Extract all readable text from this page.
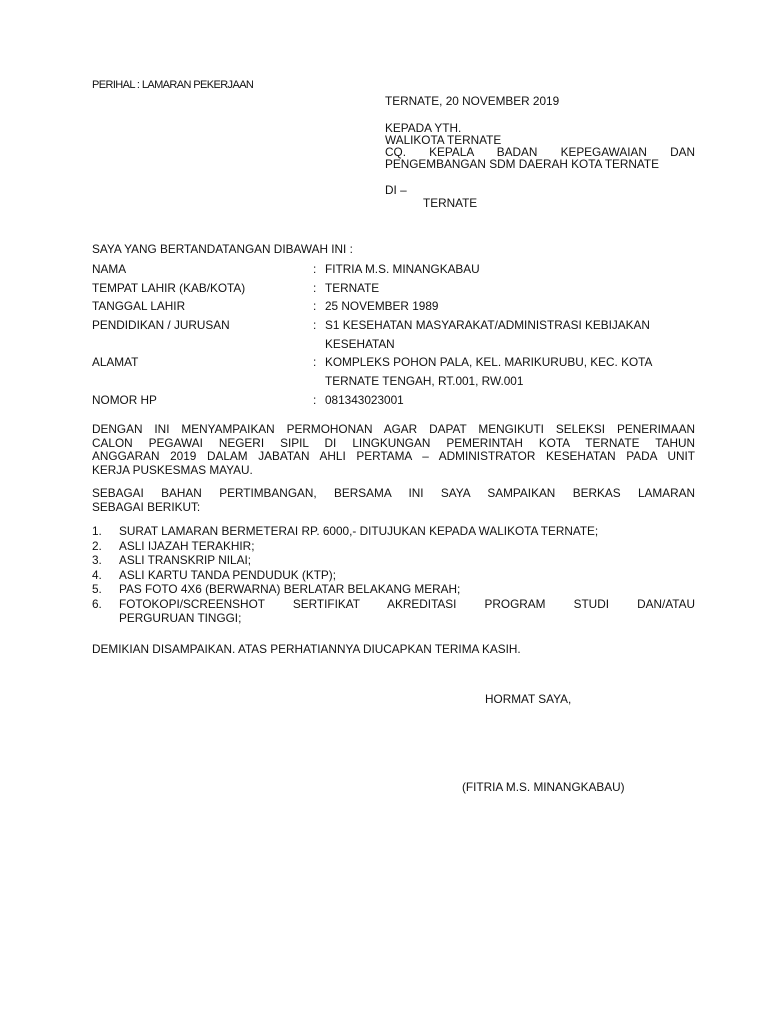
PERIHAL : LAMARAN PEKERJAAN
TERNATE, 20 NOVEMBER 2019
KEPADA YTH.
WALIKOTA TERNATE
CQ. KEPALA BADAN KEPEGAWAIAN DAN
PENGEMBANGAN SDM DAERAH KOTA TERNATE
DI –
TERNATE
SAYA YANG BERTANDATANGAN DIBAWAH INI :
NAMA	: FITRIA M.S. MINANGKABAU
TEMPAT LAHIR (KAB/KOTA)	: TERNATE
TANGGAL LAHIR	: 25 NOVEMBER 1989
PENDIDIKAN / JURUSAN	: S1 KESEHATAN MASYARAKAT/ADMINISTRASI KEBIJAKAN
KESEHATAN
ALAMAT	: KOMPLEKS POHON PALA, KEL. MARIKURUBU, KEC. KOTA
TERNATE TENGAH, RT.001, RW.001
NOMOR HP	: 081343023001
DENGAN INI MENYAMPAIKAN PERMOHONAN AGAR DAPAT MENGIKUTI SELEKSI PENERIMAAN
CALON PEGAWAI NEGERI SIPIL DI LINGKUNGAN PEMERINTAH KOTA TERNATE TAHUN
ANGGARAN 2019 DALAM JABATAN AHLI PERTAMA – ADMINISTRATOR KESEHATAN PADA UNIT
KERJA PUSKESMAS MAYAU.
SEBAGAI BAHAN PERTIMBANGAN, BERSAMA INI SAYA SAMPAIKAN BERKAS LAMARAN
SEBAGAI BERIKUT:
1. SURAT LAMARAN BERMETERAI RP. 6000,- DITUJUKAN KEPADA WALIKOTA TERNATE;
2. ASLI IJAZAH TERAKHIR;
3. ASLI TRANSKRIP NILAI;
4. ASLI KARTU TANDA PENDUDUK (KTP);
5. PAS FOTO 4X6 (BERWARNA) BERLATAR BELAKANG MERAH;
6. FOTOKOPI/SCREENSHOT SERTIFIKAT AKREDITASI PROGRAM STUDI DAN/ATAU
PERGURUAN TINGGI;
DEMIKIAN DISAMPAIKAN. ATAS PERHATIANNYA DIUCAPKAN TERIMA KASIH.
HORMAT SAYA,
(FITRIA M.S. MINANGKABAU)
